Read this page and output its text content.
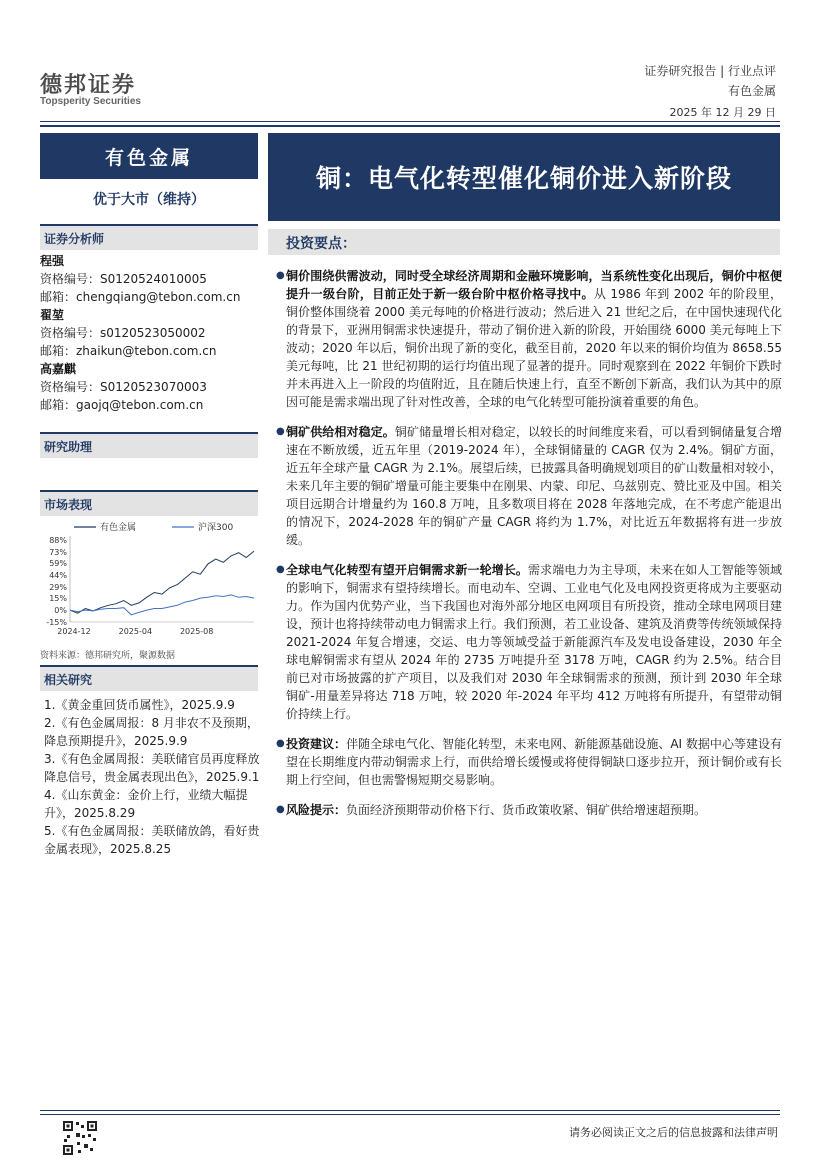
德邦证券
Topsperity Securities
证券研究报告 | 行业点评
有色金属
2025 年 12 月 29 日
有色金属
优于大市（维持）
证券分析师
程强
资格编号：S0120524010005
邮箱：chengqiang@tebon.com.cn
翟堃
资格编号：s0120523050002
邮箱：zhaikun@tebon.com.cn
高嘉麒
资格编号：S0120523070003
邮箱：gaojq@tebon.com.cn
研究助理
市场表现
有色金属	沪深300
88%
73%
59%
44%
29%
15%
0%
-15%
2024-12	2025-04	2025-08
资料来源：德邦研究所，聚源数据
相关研究
1.《黄金重回货币属性》，2025.9.9
2.《有色金属周报：8 月非农不及预期，降息预期提升》，2025.9.9
3.《有色金属周报：美联储官员再度释放降息信号，贵金属表现出色》，2025.9.1
4.《山东黄金：金价上行，业绩大幅提升》，2025.8.29
5.《有色金属周报：美联储放鸽，看好贵金属表现》，2025.8.25
铜：电气化转型催化铜价进入新阶段
投资要点：
● 铜价围绕供需波动，同时受全球经济周期和金融环境影响，当系统性变化出现后，铜价中枢便提升一级台阶，目前正处于新一级台阶中枢价格寻找中。从 1986 年到 2002 年的阶段里，铜价整体围绕着 2000 美元每吨的价格进行波动；然后进入 21 世纪之后，在中国快速现代化的背景下，亚洲用铜需求快速提升，带动了铜价进入新的阶段，开始围绕 6000 美元每吨上下波动；2020 年以后，铜价出现了新的变化，截至目前，2020 年以来的铜价均值为 8658.55 美元每吨，比 21 世纪初期的运行均值出现了显著的提升。同时观察到在 2022 年铜价下跌时并未再进入上一阶段的均值附近，且在随后快速上行，直至不断创下新高，我们认为其中的原因可能是需求端出现了针对性改善，全球的电气化转型可能扮演着重要的角色。
● 铜矿供给相对稳定。铜矿储量增长相对稳定，以较长的时间维度来看，可以看到铜储量复合增速在不断放缓，近五年里（2019-2024 年），全球铜储量的 CAGR 仅为 2.4%。铜矿方面，近五年全球产量 CAGR 为 2.1%。展望后续，已披露具备明确规划项目的矿山数量相对较小，未来几年主要的铜矿增量可能主要集中在刚果、内蒙、印尼、乌兹别克、赞比亚及中国。相关项目远期合计增量约为 160.8 万吨，且多数项目将在 2028 年落地完成，在不考虑产能退出的情况下，2024-2028 年的铜矿产量 CAGR 将约为 1.7%，对比近五年数据将有进一步放缓。
● 全球电气化转型有望开启铜需求新一轮增长。需求端电力为主导项，未来在如人工智能等领域的影响下，铜需求有望持续增长。而电动车、空调、工业电气化及电网投资更将成为主要驱动力。作为国内优势产业，当下我国也对海外部分地区电网项目有所投资，推动全球电网项目建设，预计也将持续带动电力铜需求上行。我们预测，若工业设备、建筑及消费等传统领域保持 2021-2024 年复合增速，交运、电力等领域受益于新能源汽车及发电设备建设，2030 年全球电解铜需求有望从 2024 年的 2735 万吨提升至 3178 万吨，CAGR 约为 2.5%。结合目前已对市场披露的扩产项目，以及我们对 2030 年全球铜需求的预测，预计到 2030 年全球铜矿-用量差异将达 718 万吨，较 2020 年-2024 年平均 412 万吨将有所提升，有望带动铜价持续上行。
● 投资建议：伴随全球电气化、智能化转型，未来电网、新能源基础设施、AI 数据中心等建设有望在长期维度内带动铜需求上行，而供给增长缓慢或将使得铜缺口逐步拉开，预计铜价或有长期上行空间，但也需警惕短期交易影响。
● 风险提示：负面经济预期带动价格下行、货币政策收紧、铜矿供给增速超预期。
请务必阅读正文之后的信息披露和法律声明
